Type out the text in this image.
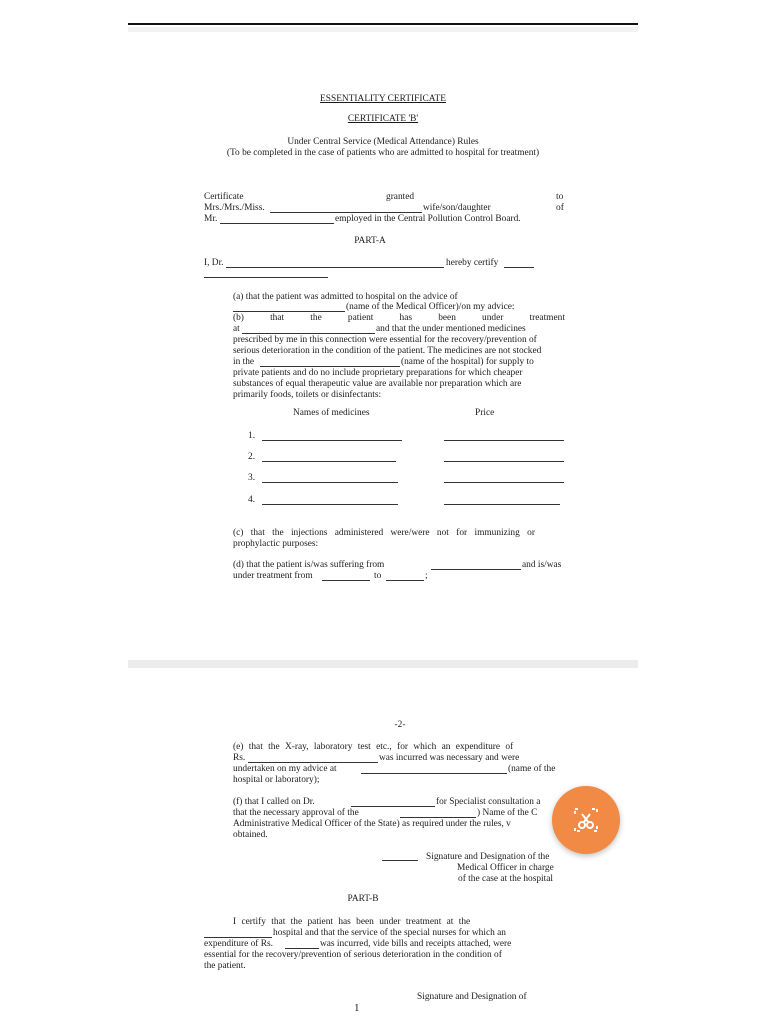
ESSENTIALITY CERTIFICATE
CERTIFICATE 'B'
Under Central Service (Medical Attendance) Rules
(To be completed in the case of patients who are admitted to hospital for treatment)
Certificate	granted	to
Mrs./Mrs./Miss.	wife/son/daughter	of
Mr.	employed in the Central Pollution Control Board.
PART-A
I, Dr.	hereby certify
(a) that the patient was admitted to hospital on the advice of
(name of the Medical Officer)/on my advice:
(b)	that	the	patient	has	been	under	treatment
at	and that the under mentioned medicines
prescribed by me in this connection were essential for the recovery/prevention of
serious deterioration in the condition of the patient. The medicines are not stocked
in the	(name of the hospital) for supply to
private patients and do no include proprietary preparations for which cheaper
substances of equal therapeutic value are available nor preparation which are
primarily foods, toilets or disinfectants:
Names of medicines	Price
1.
2.
3.
4.
(c) that the injections administered were/were not for immunizing or
prophylactic purposes:
(d) that the patient is/was suffering from	and is/was
under treatment from	to	;
-2-
(e) that the X-ray, laboratory test etc., for which an expenditure of
Rs.	was incurred was necessary and were
undertaken on my advice at	(name of the
hospital or laboratory);
(f) that I called on Dr.	for Specialist consultation a
that the necessary approval of the	) Name of the C
Administrative Medical Officer of the State) as required under the rules, v
obtained.
Signature and Designation of the
Medical Officer in charge
of the case at the hospital
PART-B
I certify that the patient has been under treatment at the
hospital and that the service of the special nurses for which an
expenditure of Rs.	was incurred, vide bills and receipts attached, were
essential for the recovery/prevention of serious deterioration in the condition of
the patient.
Signature and Designation of
1
